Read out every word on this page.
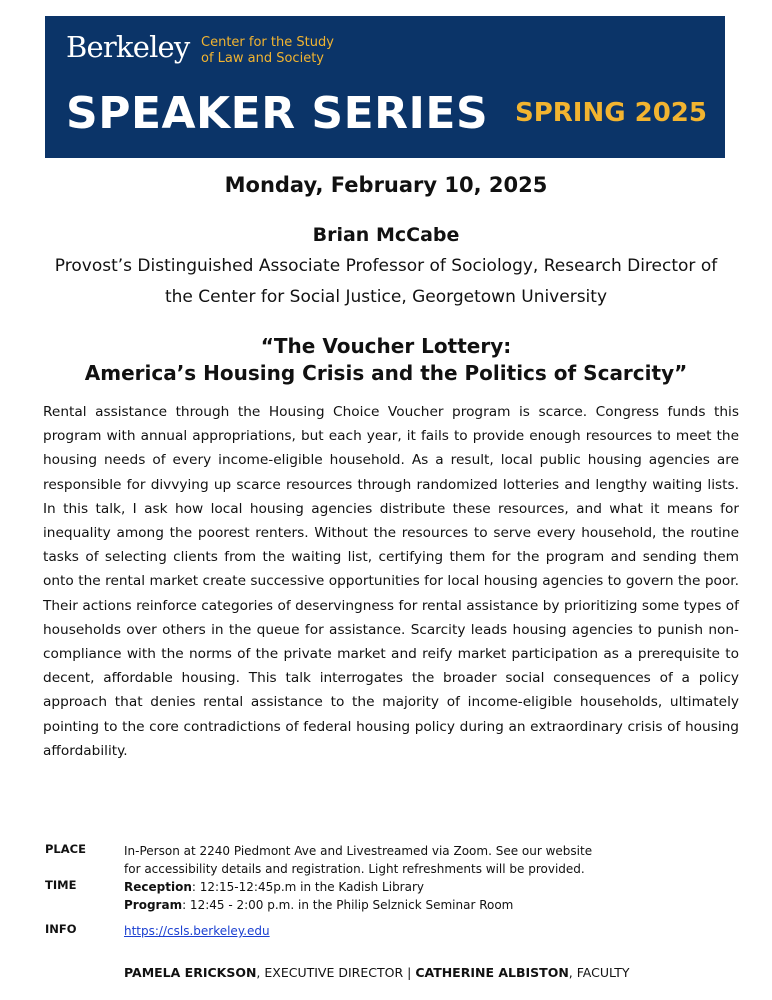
Berkeley Center for the Study
of Law and Society
SPEAKER SERIES SPRING 2025
Monday, February 10, 2025
Brian McCabe
Provost’s Distinguished Associate Professor of Sociology, Research Director of the Center for Social Justice, Georgetown University
“The Voucher Lottery:
America’s Housing Crisis and the Politics of Scarcity”

Rental assistance through the Housing Choice Voucher program is scarce. Congress funds this program with annual appropriations, but each year, it fails to provide enough resources to meet the housing needs of every income-eligible household. As a result, local public housing agencies are responsible for divvying up scarce resources through randomized lotteries and lengthy waiting lists. In this talk, I ask how local housing agencies distribute these resources, and what it means for inequality among the poorest renters. Without the resources to serve every household, the routine tasks of selecting clients from the waiting list, certifying them for the program and sending them onto the rental market create successive opportunities for local housing agencies to govern the poor. Their actions reinforce categories of deservingness for rental assistance by prioritizing some types of households over others in the queue for assistance. Scarcity leads housing agencies to punish non-compliance with the norms of the private market and reify market participation as a prerequisite to decent, affordable housing. This talk interrogates the broader social consequences of a policy approach that denies rental assistance to the majority of income-eligible households, ultimately pointing to the core contradictions of federal housing policy during an extraordinary crisis of housing affordability.

PLACE	In-Person at 2240 Piedmont Ave and Livestreamed via Zoom. See our website
for accessibility details and registration. Light refreshments will be provided.
TIME	Reception: 12:15-12:45p.m in the Kadish Library
Program: 12:45 - 2:00 p.m. in the Philip Selznick Seminar Room
INFO	https://csls.berkeley.edu
PAMELA ERICKSON, EXECUTIVE DIRECTOR | CATHERINE ALBISTON, FACULTY
